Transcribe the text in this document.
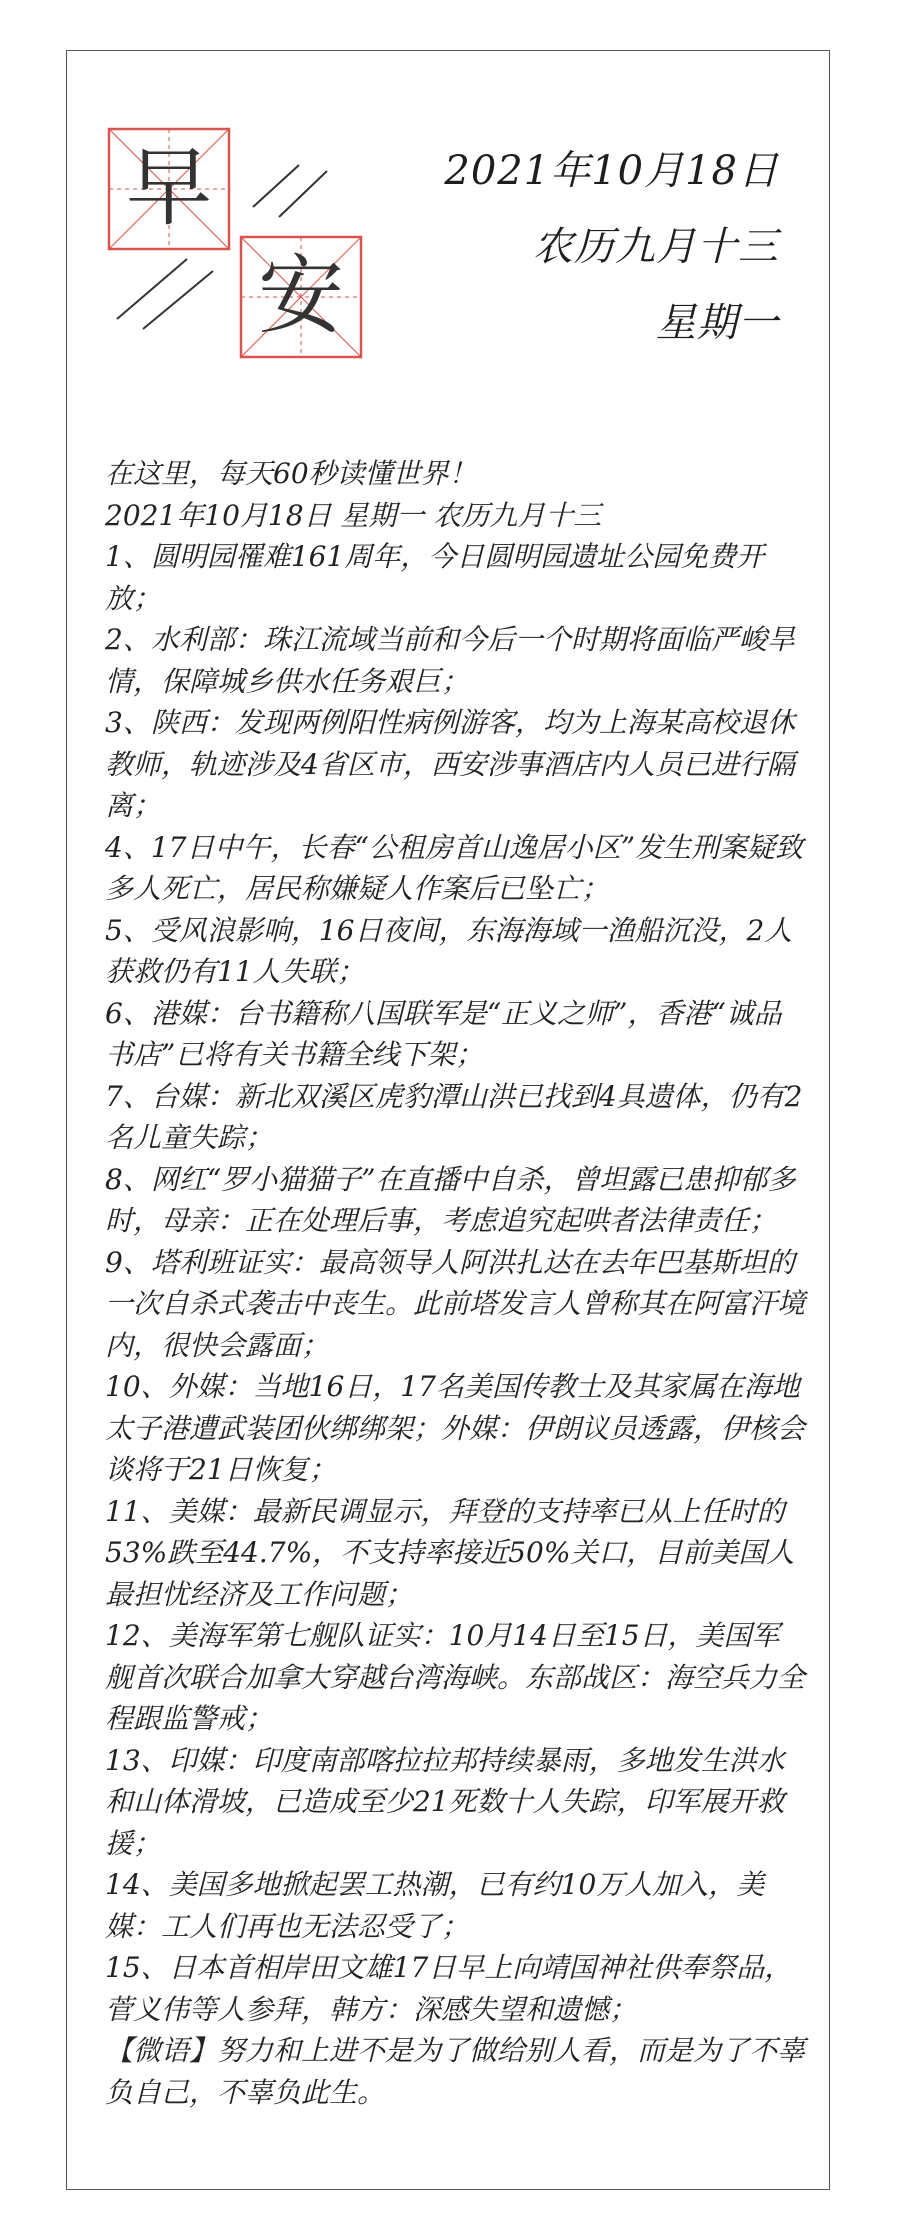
早
安
2021年10月18日
农历九月十三
星期一

在这里，每天60秒读懂世界！

2021年10月18日 星期一 农历九月十三

1、圆明园罹难161周年，今日圆明园遗址公园免费开放；

2、水利部：珠江流域当前和今后一个时期将面临严峻旱情，保障城乡供水任务艰巨；

3、陕西：发现两例阳性病例游客，均为上海某高校退休教师，轨迹涉及4省区市，西安涉事酒店内人员已进行隔离；

4、17日中午，长春“公租房首山逸居小区”发生刑案疑致多人死亡，居民称嫌疑人作案后已坠亡；

5、受风浪影响，16日夜间，东海海域一渔船沉没，2人获救仍有11人失联；

6、港媒：台书籍称八国联军是“正义之师”，香港“诚品书店”已将有关书籍全线下架；

7、台媒：新北双溪区虎豹潭山洪已找到4具遗体，仍有2名儿童失踪；

8、网红“罗小猫猫子”在直播中自杀，曾坦露已患抑郁多时，母亲：正在处理后事，考虑追究起哄者法律责任；

9、塔利班证实：最高领导人阿洪扎达在去年巴基斯坦的一次自杀式袭击中丧生。此前塔发言人曾称其在阿富汗境内，很快会露面；

10、外媒：当地16日，17名美国传教士及其家属在海地太子港遭武装团伙绑绑架；外媒：伊朗议员透露，伊核会谈将于21日恢复；

11、美媒：最新民调显示，拜登的支持率已从上任时的53%跌至44.7%，不支持率接近50%关口，目前美国人最担忧经济及工作问题；

12、美海军第七舰队证实：10月14日至15日，美国军舰首次联合加拿大穿越台湾海峡。东部战区：海空兵力全程跟监警戒；

13、印媒：印度南部喀拉拉邦持续暴雨，多地发生洪水和山体滑坡，已造成至少21死数十人失踪，印军展开救援；

14、美国多地掀起罢工热潮，已有约10万人加入，美媒：工人们再也无法忍受了；

15、日本首相岸田文雄17日早上向靖国神社供奉祭品，菅义伟等人参拜，韩方：深感失望和遗憾；

【微语】努力和上进不是为了做给别人看，而是为了不辜负自己，不辜负此生。
